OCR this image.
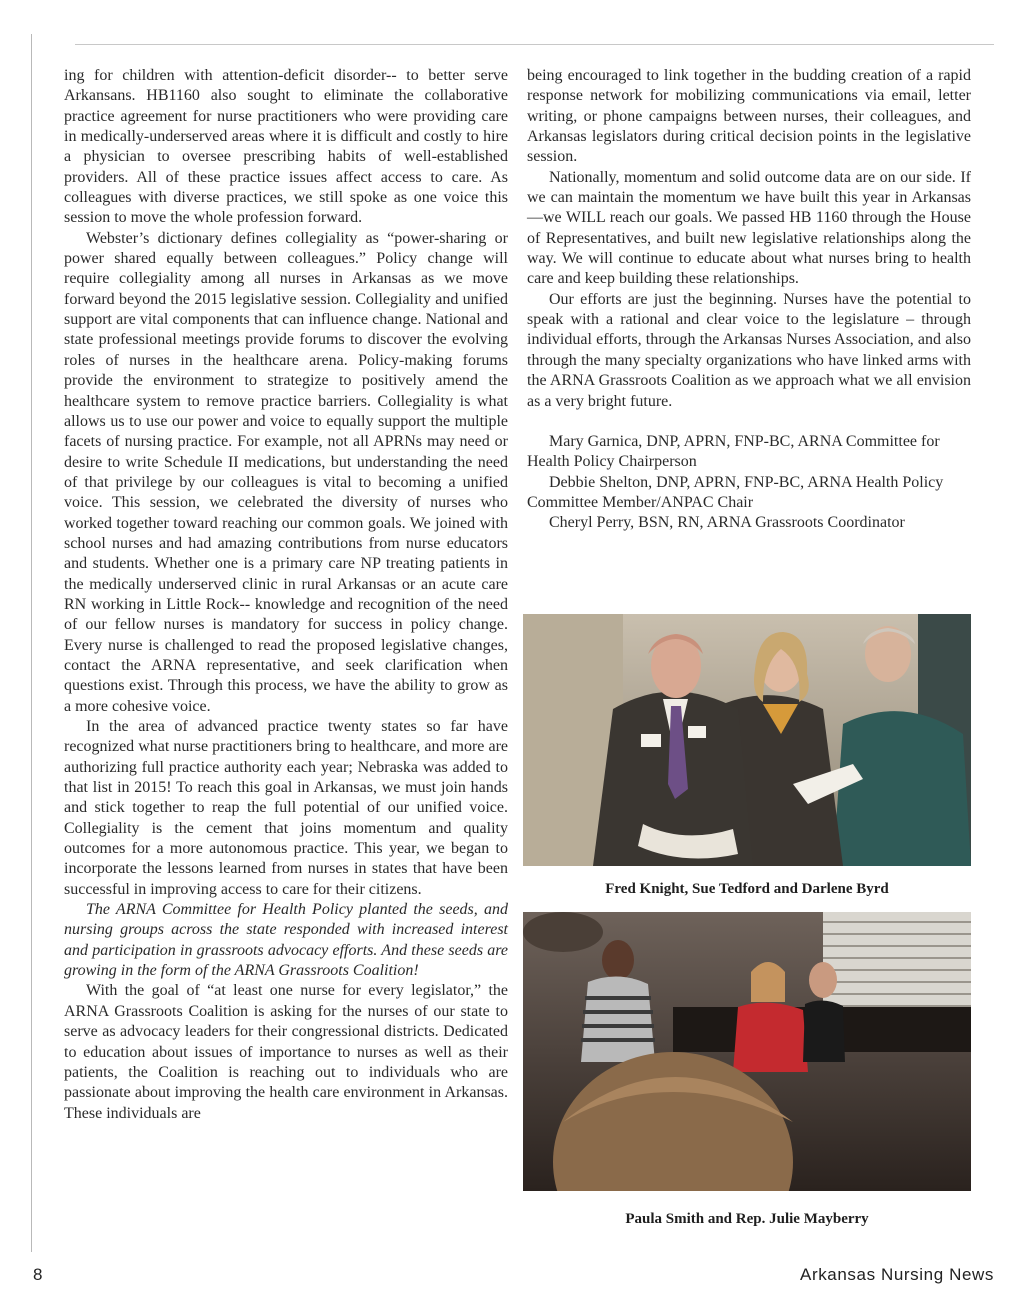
ing for children with attention-deficit disorder-- to better serve Arkansans. HB1160 also sought to eliminate the collaborative practice agreement for nurse practitioners who were providing care in medically-underserved areas where it is difficult and costly to hire a physician to oversee prescribing habits of well-established providers. All of these practice issues affect access to care. As colleagues with diverse practices, we still spoke as one voice this session to move the whole profession forward.

Webster’s dictionary defines collegiality as “power-sharing or power shared equally between colleagues.” Policy change will require collegiality among all nurses in Arkansas as we move forward beyond the 2015 legislative session. Collegiality and unified support are vital components that can influence change. National and state professional meetings provide forums to discover the evolving roles of nurses in the healthcare arena. Policy-making forums provide the environment to strategize to positively amend the healthcare system to remove practice barriers. Collegiality is what allows us to use our power and voice to equally support the multiple facets of nursing practice. For example, not all APRNs may need or desire to write Schedule II medications, but understanding the need of that privilege by our colleagues is vital to becoming a unified voice. This session, we celebrated the diversity of nurses who worked together toward reaching our common goals. We joined with school nurses and had amazing contributions from nurse educators and students. Whether one is a primary care NP treating patients in the medically underserved clinic in rural Arkansas or an acute care RN working in Little Rock-- knowledge and recognition of the need of our fellow nurses is mandatory for success in policy change. Every nurse is challenged to read the proposed legislative changes, contact the ARNA representative, and seek clarification when questions exist. Through this process, we have the ability to grow as a more cohesive voice.

In the area of advanced practice twenty states so far have recognized what nurse practitioners bring to healthcare, and more are authorizing full practice authority each year; Nebraska was added to that list in 2015! To reach this goal in Arkansas, we must join hands and stick together to reap the full potential of our unified voice. Collegiality is the cement that joins momentum and quality outcomes for a more autonomous practice. This year, we began to incorporate the lessons learned from nurses in states that have been successful in improving access to care for their citizens.

The ARNA Committee for Health Policy planted the seeds, and nursing groups across the state responded with increased interest and participation in grassroots advocacy efforts. And these seeds are growing in the form of the ARNA Grassroots Coalition!

With the goal of “at least one nurse for every legislator,” the ARNA Grassroots Coalition is asking for the nurses of our state to serve as advocacy leaders for their congressional districts. Dedicated to education about issues of importance to nurses as well as their patients, the Coalition is reaching out to individuals who are passionate about improving the health care environment in Arkansas. These individuals are

being encouraged to link together in the budding creation of a rapid response network for mobilizing communications via email, letter writing, or phone campaigns between nurses, their colleagues, and Arkansas legislators during critical decision points in the legislative session.

Nationally, momentum and solid outcome data are on our side. If we can maintain the momentum we have built this year in Arkansas—we WILL reach our goals. We passed HB 1160 through the House of Representatives, and built new legislative relationships along the way. We will continue to educate about what nurses bring to health care and keep building these relationships.

Our efforts are just the beginning. Nurses have the potential to speak with a rational and clear voice to the legislature – through individual efforts, through the Arkansas Nurses Association, and also through the many specialty organizations who have linked arms with the ARNA Grassroots Coalition as we approach what we all envision as a very bright future.

Mary Garnica, DNP, APRN, FNP-BC, ARNA Committee for Health Policy Chairperson

Debbie Shelton, DNP, APRN, FNP-BC, ARNA Health Policy Committee Member/ANPAC Chair

Cheryl Perry, BSN, RN, ARNA Grassroots Coordinator

Fred Knight, Sue Tedford and Darlene Byrd
Paula Smith and Rep. Julie Mayberry
8	Arkansas Nursing News
